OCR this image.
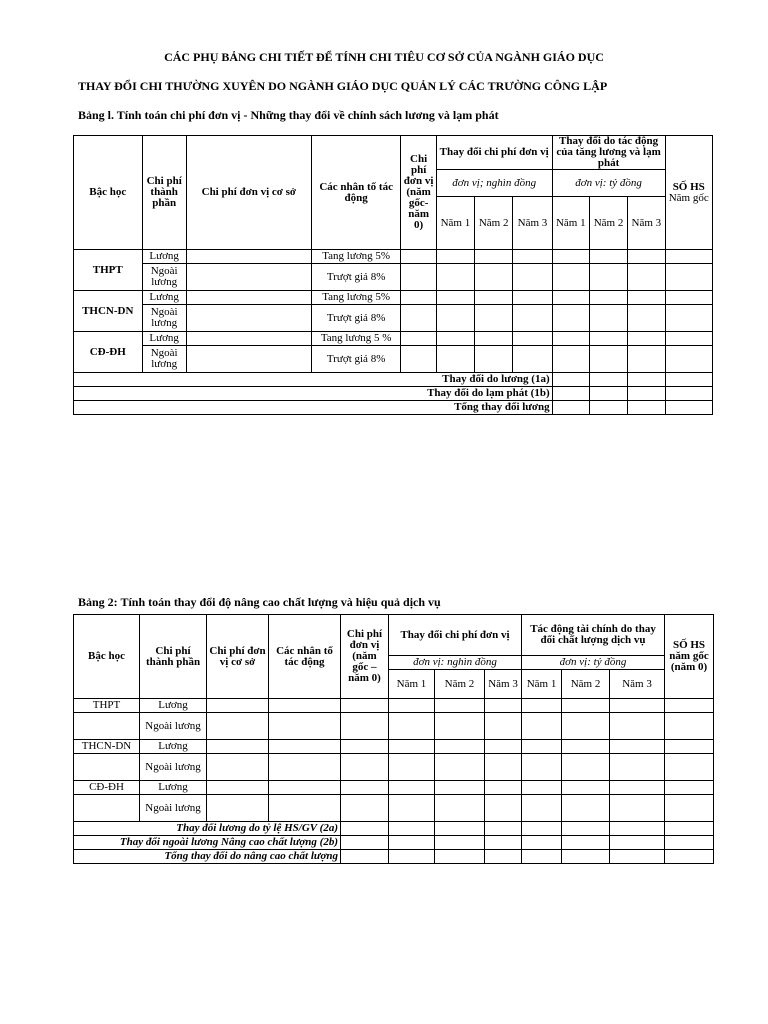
CÁC PHỤ BẢNG CHI TIẾT ĐỂ TÍNH CHI TIÊU CƠ SỞ CỦA NGÀNH GIÁO DỤC
THAY ĐỔI CHI THƯỜNG XUYÊN DO NGÀNH GIÁO DỤC QUẢN LÝ CÁC TRƯỜNG CÔNG LẬP
Bảng l. Tính toán chi phí đơn vị - Những thay đổi về chính sách lương và lạm phát
Bậc học	Chi phí thành phần	Chi phí đơn vị cơ sở	Các nhân tố tác động	Chi phí đơn vị (năm gốc-năm 0)	Thay đổi chi phí đơn vị			Thay đổi do tác động của tăng lương và lạm phát			SỐ HS
Năm gốc
					đơn vị; nghìn đồng			đơn vị: tỷ đồng			
					Năm 1	Năm 2	Năm 3	Năm 1	Năm 2	Năm 3	
THPT	Lương		Tang lương 5%								
	Ngoài lương		Trượt giá 8%								
THCN-DN	Lương		Tang lương 5%								
	Ngoài lương		Trượt giá 8%								
CĐ-ĐH	Lương		Tang lương 5 %								
	Ngoài lương		Trượt giá 8%								
Thay đổi do lương (1a)											
Thay đổi do lạm phát (1b)											
Tổng thay đổi lương											
Bảng 2: Tính toán thay đổi độ nâng cao chất lượng và hiệu quả dịch vụ
Bậc học	Chi phí thành phần	Chi phí đơn vị cơ sở	Các nhân tố tác động	Chi phí đơn vị (năm gốc – năm 0)	Thay đổi chi phí đơn vị			Tác động tài chính do thay đổi chất lượng dịch vụ			SỐ HS năm gốc (năm 0)
					đơn vị: nghìn đồng			đơn vị: tỷ đồng			
					Năm 1	Năm 2	Năm 3	Năm 1	Năm 2	Năm 3	
THPT	Lương										
	Ngoài lương										
THCN-DN	Lương										
	Ngoài lương										
CĐ-ĐH	Lương										
	Ngoài lương										
Thay đổi lương do tỷ lệ HS/GV (2a)											
Thay đổi ngoài lương Nâng cao chất lượng (2b)											
Tổng thay đổi do nâng cao chất lượng											
